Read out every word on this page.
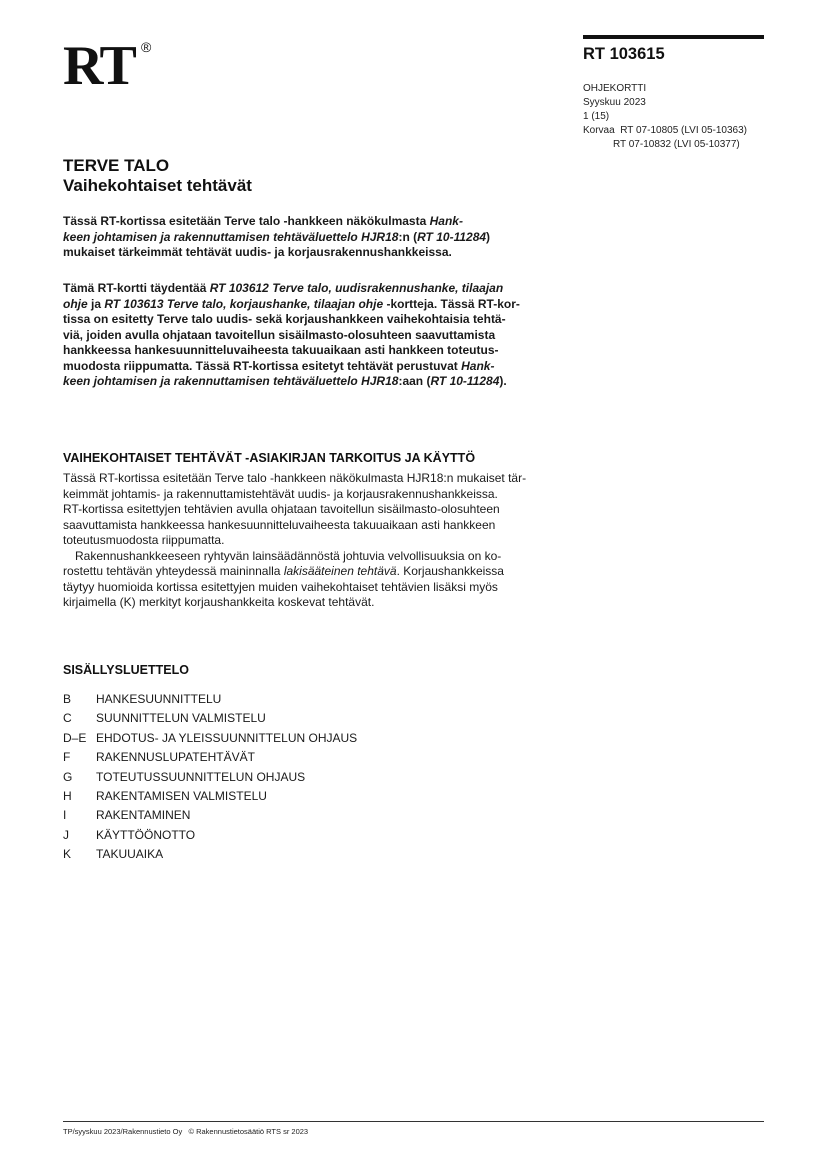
RT ®	RT 103615
OHJEKORTTI
Syyskuu 2023
1 (15)
Korvaa  RT 07-10805 (LVI 05-10363)
RT 07-10832 (LVI 05-10377)
TERVE TALO
Vaihekohtaiset tehtävät
Tässä RT-kortissa esitetään Terve talo -hankkeen näkökulmasta Hank-
keen johtamisen ja rakennuttamisen tehtäväluettelo HJR18:n (RT 10-11284)
mukaiset tärkeimmät tehtävät uudis- ja korjausrakennushankkeissa.
Tämä RT-kortti täydentää RT 103612 Terve talo, uudisrakennushanke, tilaajan
ohje ja RT 103613 Terve talo, korjaushanke, tilaajan ohje -kortteja. Tässä RT-kor-
tissa on esitetty Terve talo uudis- sekä korjaushankkeen vaihekohtaisia tehtä-
viä, joiden avulla ohjataan tavoitellun sisäilmasto-olosuhteen saavuttamista
hankkeessa hankesuunnitteluvaiheesta takuuaikaan asti hankkeen toteutus-
muodosta riippumatta. Tässä RT-kortissa esitetyt tehtävät perustuvat Hank-
keen johtamisen ja rakennuttamisen tehtäväluettelo HJR18:aan (RT 10-11284).
VAIHEKOHTAISET TEHTÄVÄT -ASIAKIRJAN TARKOITUS JA KÄYTTÖ
Tässä RT-kortissa esitetään Terve talo -hankkeen näkökulmasta HJR18:n mukaiset tär-
keimmät johtamis- ja rakennuttamistehtävät uudis- ja korjausrakennushankkeissa.
RT-kortissa esitettyjen tehtävien avulla ohjataan tavoitellun sisäilmasto-olosuhteen
saavuttamista hankkeessa hankesuunnitteluvaiheesta takuuaikaan asti hankkeen
toteutusmuodosta riippumatta.
Rakennushankkeeseen ryhtyvän lainsäädännöstä johtuvia velvollisuuksia on ko-
rostettu tehtävän yhteydessä maininnalla lakisääteinen tehtävä. Korjaushankkeissa
täytyy huomioida kortissa esitettyjen muiden vaihekohtaiset tehtävien lisäksi myös
kirjaimella (K) merkityt korjaushankkeita koskevat tehtävät.
SISÄLLYSLUETTELO
B	HANKESUUNNITTELU
C	SUUNNITTELUN VALMISTELU
D–E EHDOTUS- JA YLEISSUUNNITTELUN OHJAUS
F	RAKENNUSLUPATEHTÄVÄT
G	TOTEUTUSSUUNNITTELUN OHJAUS
H	RAKENTAMISEN VALMISTELU
I	RAKENTAMINEN
J	KÄYTTÖÖNOTTO
K	TAKUUAIKA
TP/syyskuu 2023/Rakennustieto Oy   © Rakennustietosäätiö RTS sr 2023
